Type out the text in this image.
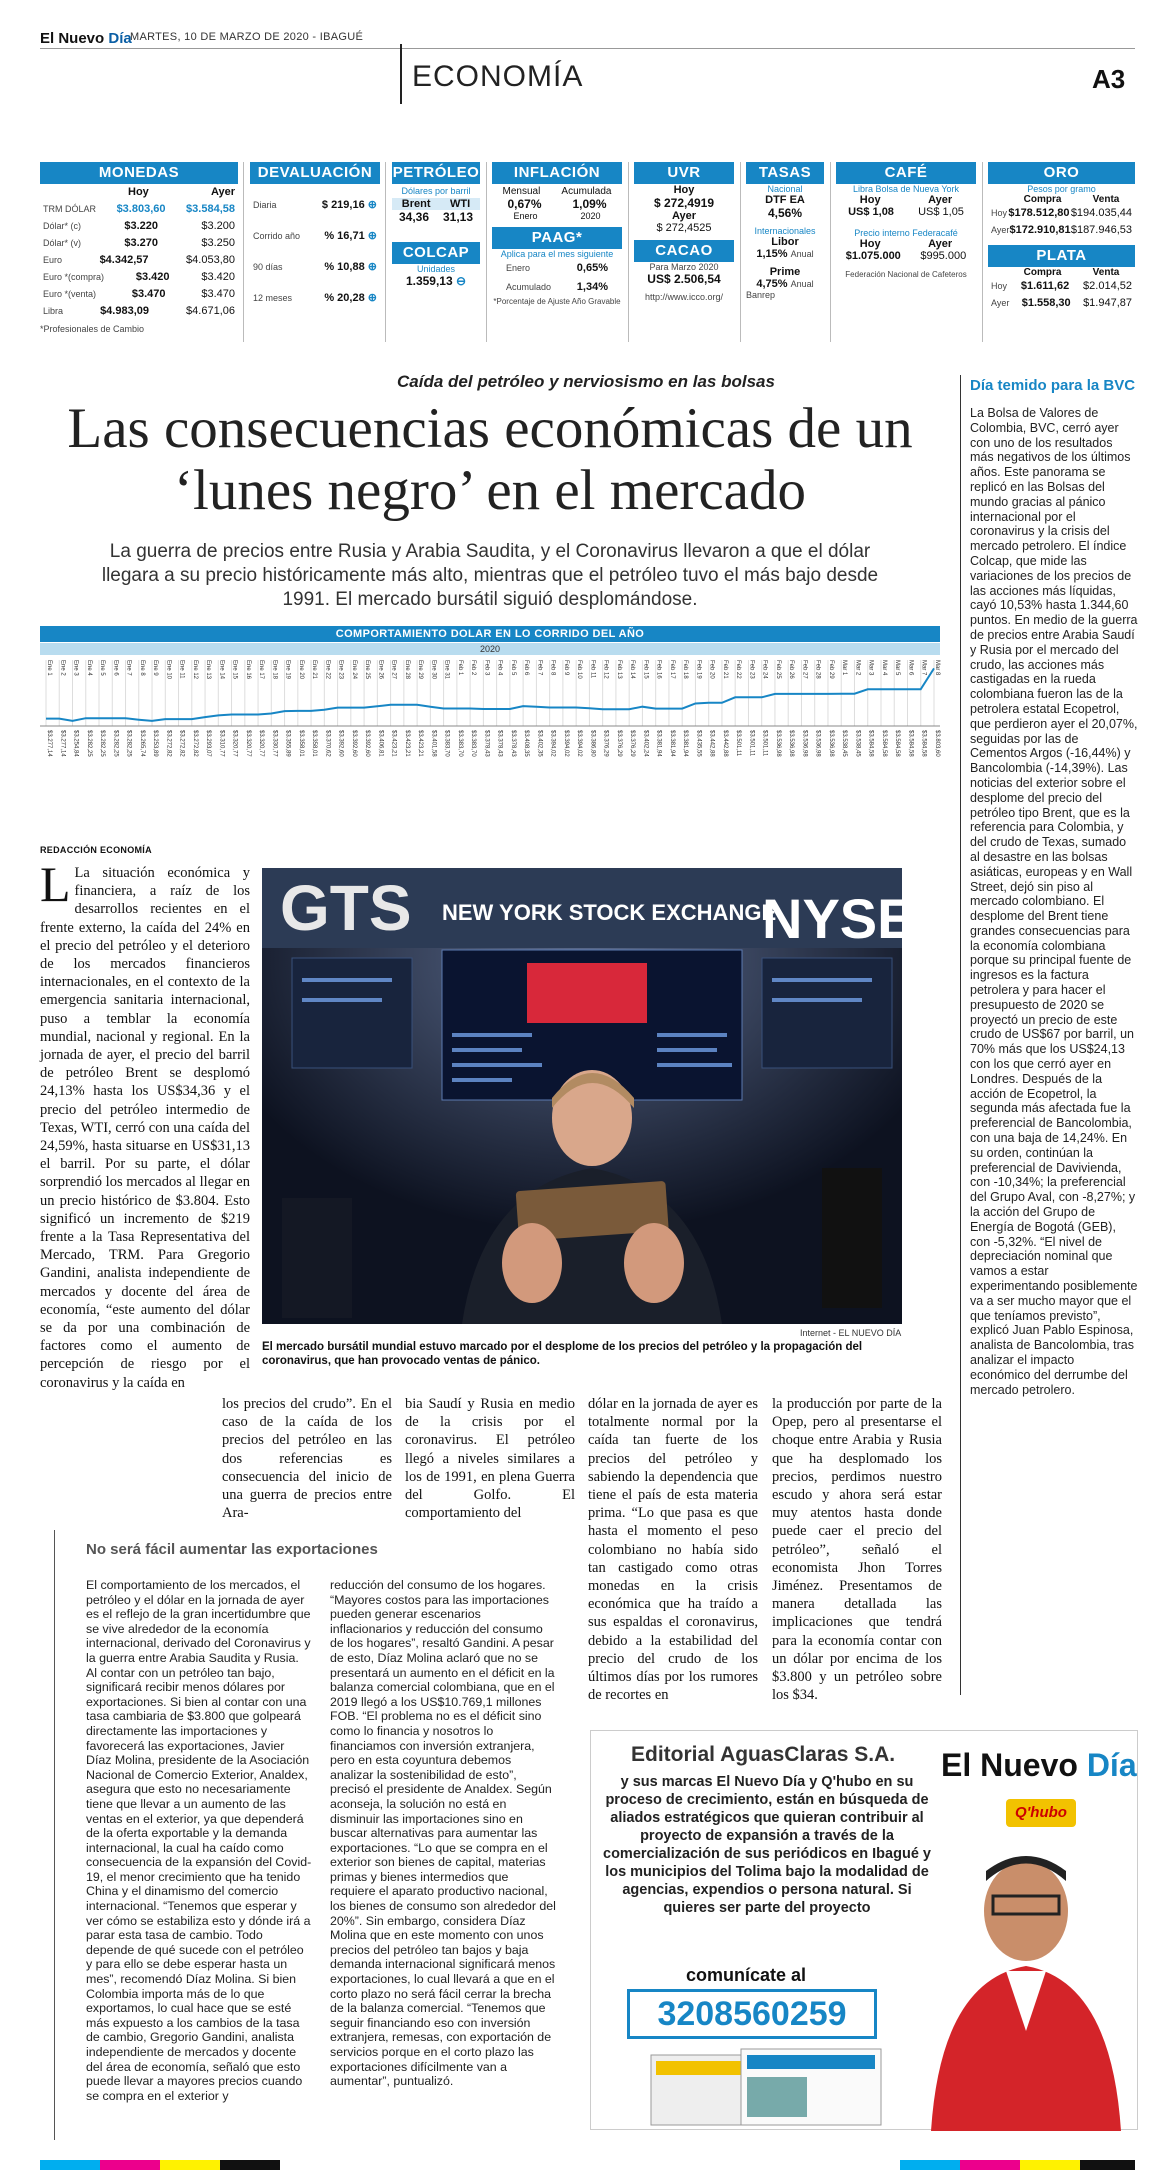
El Nuevo Día
MARTES, 10 DE MARZO DE 2020 - IBAGUÉ
ECONOMÍA	A3
MONEDAS
Hoy	Ayer
TRM DÓLAR $3.803,60 $3.584,58
Dólar* (c)	$3.220	$3.200
Dólar* (v)	$3.270	$3.250
Euro	$4.342,57	$4.053,80
Euro *(compra)	$3.420	$3.420
Euro *(venta)	$3.470	$3.470
Libra	$4.983,09	$4.671,06
*Profesionales de Cambio
DEVALUACIÓN
Diaria	$ 219,16 ⊕
Corrido año % 16,71 ⊕
90 días	% 10,88 ⊕
12 meses	% 20,28 ⊕
PETRÓLEO
Dólares por barril
Brent WTI
34,36 31,13
COLCAP
Unidades
1.359,13 ⊖
INFLACIÓN
Mensual Acumulada
0,67%	1,09%
Enero	2020
PAAG*
Aplica para el mes siguiente
Enero	0,65%
Acumulado 1,34%
*Porcentaje de Ajuste Año Gravable
UVR
Hoy
$ 272,4919
Ayer
$ 272,4525
CACAO
Para Marzo 2020
US$ 2.506,54
http://www.icco.org/
TASAS
Nacional
DTF EA
4,56%
Internacionales
Libor
1,15% Anual
Prime
4,75% Anual
Banrep
CAFÉ
Libra Bolsa de Nueva York
Hoy	Ayer
US$ 1,08 US$ 1,05
Precio interno Federacafé
Hoy	Ayer
$1.075.000 $995.000
Federación Nacional de Cafeteros
ORO
Pesos por gramo
Compra	Venta
Hoy $178.512,80 $194.035,44
Ayer $172.910,81 $187.946,53
PLATA
Compra	Venta
Hoy $1.611,62 $2.014,52
Ayer $1.558,30 $1.947,87
Caída del petróleo y nerviosismo en las bolsas
Las consecuencias económicas de un ‘lunes negro’ en el mercado
La guerra de precios entre Rusia y Arabia Saudita, y el Coronavirus llevaron a que el dólar llegara a su precio históricamente más alto, mientras que el petróleo tuvo el más bajo desde 1991. El mercado bursátil siguió desplomándose.
COMPORTAMIENTO DOLAR EN LO CORRIDO DEL AÑO
2020
Ene 1
$3.277,14
Ene 2
$3.277,14
Ene 3
$3.254,84
Ene 4
$3.282,25
Ene 5
$3.282,25
Ene 6
$3.282,25
Ene 7
$3.282,25
Ene 8
$3.265,74
Ene 9
$3.253,89
Ene 10
$3.272,82
Ene 11
$3.272,82
Ene 12
$3.272,82
Ene 13
$3.293,07
Ene 14
$3.310,77
Ene 15
$3.320,77
Ene 16
$3.320,77
Ene 17
$3.320,77
Ene 18
$3.330,77
Ene 19
$3.355,89
Ene 20
$3.358,01
Ene 21
$3.358,01
Ene 22
$3.370,62
Ene 23
$3.392,60
Ene 24
$3.392,60
Ene 25
$3.392,60
Ene 26
$3.406,81
Ene 27
$3.423,21
Ene 28
$3.423,21
Ene 29
$3.423,21
Ene 30
$3.401,58
Ene 31
$3.383,70
Feb 1
$3.383,70
Feb 2
$3.383,70
Feb 3
$3.378,43
Feb 4
$3.378,43
Feb 5
$3.378,43
Feb 6
$3.408,35
Feb 7
$3.402,35
Feb 8
$3.394,02
Feb 9
$3.394,02
Feb 10
$3.394,02
Feb 11
$3.386,80
Feb 12
$3.376,29
Feb 13
$3.376,29
Feb 14
$3.376,29
Feb 15
$3.402,24
Feb 16
$3.381,94
Feb 17
$3.381,94
Feb 18
$3.381,94
Feb 19
$3.435,55
Feb 20
$3.442,88
Feb 21
$3.442,88
Feb 22
$3.501,11
Feb 23
$3.501,11
Feb 24
$3.501,11
Feb 25
$3.536,98
Feb 26
$3.536,98
Feb 27
$3.536,98
Feb 28
$3.536,98
Feb 29
$3.536,98
Mar 1
$3.538,45
Mar 2
$3.538,45
Mar 3
$3.584,58
Mar 4
$3.584,58
Mar 5
$3.584,58
Mar 6
$3.584,58
Mar 7
$3.584,58
Mar 8
$3.803,60
REDACCIÓN ECONOMÍA
L La situación económica y financiera, a raíz de los desarrollos recientes en el frente externo, la caída del 24% en el precio del petróleo y el deterioro de los mercados financieros internacionales, en el contexto de la emergencia sanitaria internacional, puso a temblar la economía mundial, nacional y regional. En la jornada de ayer, el precio del barril de petróleo Brent se desplomó 24,13% hasta los US$34,36 y el precio del petróleo intermedio de Texas, WTI, cerró con una caída del 24,59%, hasta situarse en US$31,13 el barril. Por su parte, el dólar sorprendió los mercados al llegar en un precio histórico de $3.804. Esto significó un incremento de $219 frente a la Tasa Representativa del Mercado, TRM. Para Gregorio Gandini, analista independiente de mercados y docente del área de economía, “este aumento del dólar se da por una combinación de factores como el aumento de percepción de riesgo por el coronavirus y la caída en
GTS NEW YORK STOCK EXCHANGE
NYSE
Internet - EL NUEVO DÍA
El mercado bursátil mundial estuvo marcado por el desplome de los precios del petróleo y la propagación del coronavirus, que han provocado ventas de pánico.
los precios del crudo”. En el caso de la caída de los precios del petróleo en las dos referencias es consecuencia del inicio de una guerra de precios entre Ara-
bia Saudí y Rusia en medio de la crisis por el coronavirus. El petróleo llegó a niveles similares a los de 1991, en plena Guerra del Golfo. El comportamiento del
dólar en la jornada de ayer es totalmente normal por la caída tan fuerte de los precios del petróleo y sabiendo la dependencia que tiene el país de esta materia prima. “Lo que pasa es que hasta el momento el peso colombiano no había sido tan castigado como otras monedas en la crisis económica que ha traído a sus espaldas el coronavirus, debido a la estabilidad del precio del crudo de los últimos días por los rumores de recortes en
la producción por parte de la Opep, pero al presentarse el choque entre Arabia y Rusia que ha desplomado los precios, perdimos nuestro escudo y ahora será estar muy atentos hasta donde puede caer el precio del petróleo”, señaló el economista Jhon Torres Jiménez. Presentamos de manera detallada las implicaciones que tendrá para la economía contar con un dólar por encima de los $3.800 y un petróleo sobre los $34.
Día temido para la BVC
La Bolsa de Valores de Colombia, BVC, cerró ayer con uno de los resultados más negativos de los últimos años. Este panorama se replicó en las Bolsas del mundo gracias al pánico internacional por el coronavirus y la crisis del mercado petrolero. El índice Colcap, que mide las variaciones de los precios de las acciones más líquidas, cayó 10,53% hasta 1.344,60 puntos. En medio de la guerra de precios entre Arabia Saudí y Rusia por el mercado del crudo, las acciones más castigadas en la rueda colombiana fueron las de la petrolera estatal Ecopetrol, que perdieron ayer el 20,07%, seguidas por las de Cementos Argos (-16,44%) y Bancolombia (-14,39%). Las noticias del exterior sobre el desplome del precio del petróleo tipo Brent, que es la referencia para Colombia, y del crudo de Texas, sumado al desastre en las bolsas asiáticas, europeas y en Wall Street, dejó sin piso al mercado colombiano. El desplome del Brent tiene grandes consecuencias para la economía colombiana porque su principal fuente de ingresos es la factura petrolera y para hacer el presupuesto de 2020 se proyectó un precio de este crudo de US$67 por barril, un 70% más que los US$24,13 con los que cerró ayer en Londres. Después de la acción de Ecopetrol, la segunda más afectada fue la preferencial de Bancolombia, con una baja de 14,24%. En su orden, continúan la preferencial de Davivienda, con -10,34%; la preferencial del Grupo Aval, con -8,27%; y la acción del Grupo de Energía de Bogotá (GEB), con -5,32%. “El nivel de depreciación nominal que vamos a estar experimentando posiblemente va a ser mucho mayor que el que teníamos previsto”, explicó Juan Pablo Espinosa, analista de Bancolombia, tras analizar el impacto económico del derrumbe del mercado petrolero.
No será fácil aumentar las exportaciones
El comportamiento de los mercados, el petróleo y el dólar en la jornada de ayer es el reflejo de la gran incertidumbre que se vive alrededor de la economía internacional, derivado del Coronavirus y la guerra entre Arabia Saudita y Rusia. Al contar con un petróleo tan bajo, significará recibir menos dólares por exportaciones. Si bien al contar con una tasa cambiaria de $3.800 que golpeará directamente las importaciones y favorecerá las exportaciones, Javier Díaz Molina, presidente de la Asociación Nacional de Comercio Exterior, Analdex, asegura que esto no necesariamente tiene que llevar a un aumento de las ventas en el exterior, ya que dependerá de la oferta exportable y la demanda internacional, la cual ha caído como consecuencia de la expansión del Covid-19, el menor crecimiento que ha tenido China y el dinamismo del comercio internacional. “Tenemos que esperar y ver cómo se estabiliza esto y dónde irá a parar esta tasa de cambio. Todo depende de qué sucede con el petróleo y para ello se debe esperar hasta un mes”, recomendó Díaz Molina. Si bien Colombia importa más de lo que exportamos, lo cual hace que se esté más expuesto a los cambios de la tasa de cambio, Gregorio Gandini, analista independiente de mercados y docente del área de economía, señaló que esto puede llevar a mayores precios cuando se compra en el exterior y
reducción del consumo de los hogares. “Mayores costos para las importaciones pueden generar escenarios inflacionarios y reducción del consumo de los hogares”, resaltó Gandini. A pesar de esto, Díaz Molina aclaró que no se presentará un aumento en el déficit en la balanza comercial colombiana, que en el 2019 llegó a los US$10.769,1 millones FOB. “El problema no es el déficit sino como lo financia y nosotros lo financiamos con inversión extranjera, pero en esta coyuntura debemos analizar la sostenibilidad de esto”, precisó el presidente de Analdex. Según aconseja, la solución no está en disminuir las importaciones sino en buscar alternativas para aumentar las exportaciones. “Lo que se compra en el exterior son bienes de capital, materias primas y bienes intermedios que requiere el aparato productivo nacional, los bienes de consumo son alrededor del 20%”. Sin embargo, considera Díaz Molina que en este momento con unos precios del petróleo tan bajos y baja demanda internacional significará menos exportaciones, lo cual llevará a que en el corto plazo no será fácil cerrar la brecha de la balanza comercial. “Tenemos que seguir financiando eso con inversión extranjera, remesas, con exportación de servicios porque en el corto plazo las exportaciones difícilmente van a aumentar”, puntualizó.
Editorial AguasClaras S.A.
y sus marcas El Nuevo Día y Q'hubo en su proceso de crecimiento, están en búsqueda de aliados estratégicos que quieran contribuir al proyecto de expansión a través de la comercialización de sus periódicos en Ibagué y los municipios del Tolima bajo la modalidad de agencias, expendios o persona natural. Si quieres ser parte del proyecto
comunícate al
3208560259
El Nuevo Día
Q'hubo
